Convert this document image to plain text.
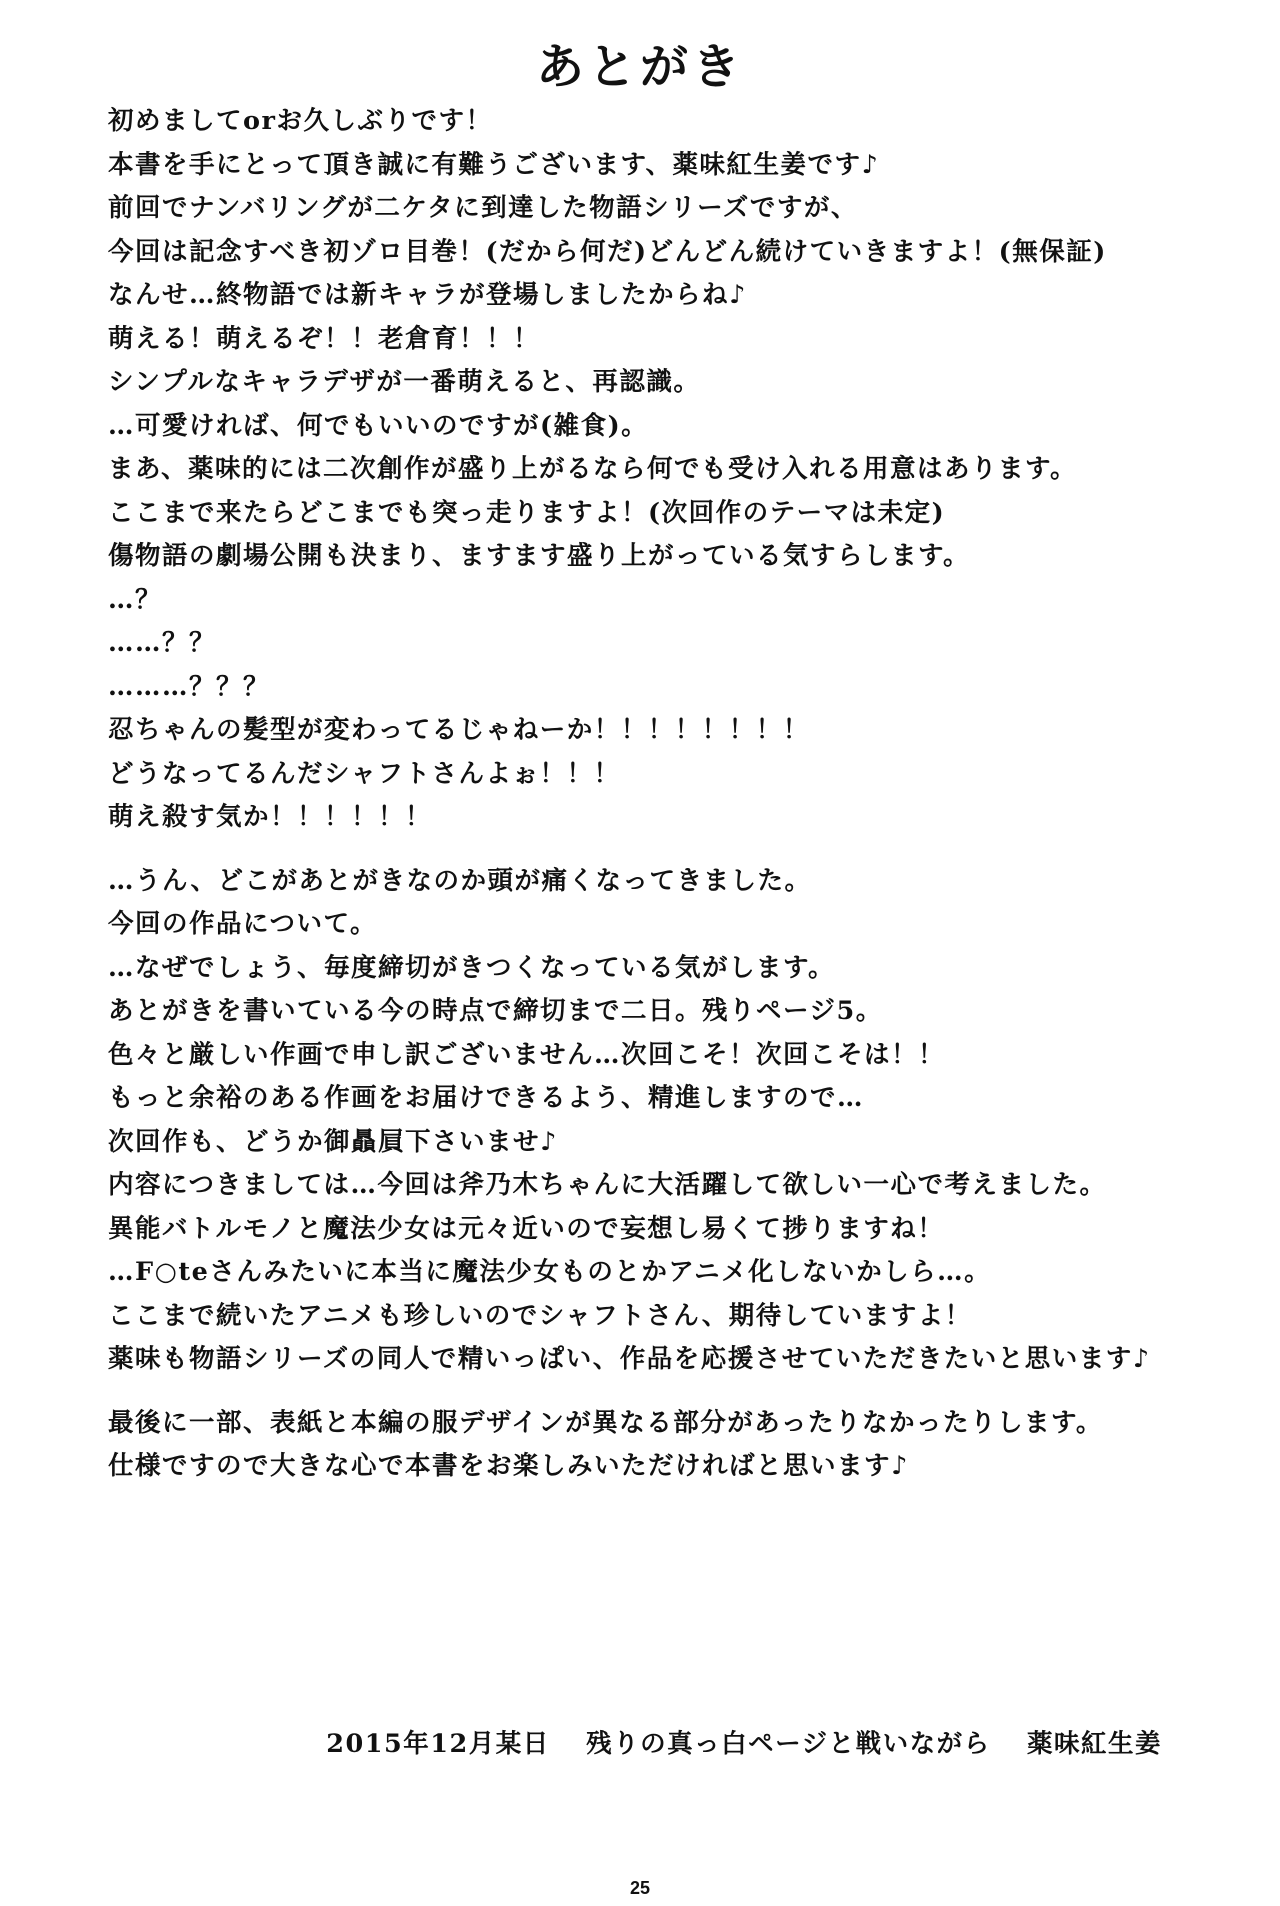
あとがき
初めましてorお久しぶりです！
本書を手にとって頂き誠に有難うございます、薬味紅生姜です♪
前回でナンバリングが二ケタに到達した物語シリーズですが、
今回は記念すべき初ゾロ目巻！(だから何だ)どんどん続けていきますよ！(無保証)
なんせ…終物語では新キャラが登場しましたからね♪
萌える！萌えるぞ！！老倉育！！！
シンプルなキャラデザが一番萌えると、再認識。
…可愛ければ、何でもいいのですが(雑食)。
まあ、薬味的には二次創作が盛り上がるなら何でも受け入れる用意はあります。
ここまで来たらどこまでも突っ走りますよ！(次回作のテーマは未定)
傷物語の劇場公開も決まり、ますます盛り上がっている気すらします。
…？
……？？
………？？？
忍ちゃんの髪型が変わってるじゃねーか！！！！！！！！
どうなってるんだシャフトさんよぉ！！！
萌え殺す気か！！！！！！
…うん、どこがあとがきなのか頭が痛くなってきました。
今回の作品について。
…なぜでしょう、毎度締切がきつくなっている気がします。
あとがきを書いている今の時点で締切まで二日。残りページ5。
色々と厳しい作画で申し訳ございません…次回こそ！次回こそは！！
もっと余裕のある作画をお届けできるよう、精進しますので…
次回作も、どうか御贔屓下さいませ♪
内容につきましては…今回は斧乃木ちゃんに大活躍して欲しい一心で考えました。
異能バトルモノと魔法少女は元々近いので妄想し易くて捗りますね！
…F○teさんみたいに本当に魔法少女ものとかアニメ化しないかしら…。
ここまで続いたアニメも珍しいのでシャフトさん、期待していますよ！
薬味も物語シリーズの同人で精いっぱい、作品を応援させていただきたいと思います♪
最後に一部、表紙と本編の服デザインが異なる部分があったりなかったりします。
仕様ですので大きな心で本書をお楽しみいただければと思います♪
2015年12月某日 残りの真っ白ページと戦いながら 薬味紅生姜
25
